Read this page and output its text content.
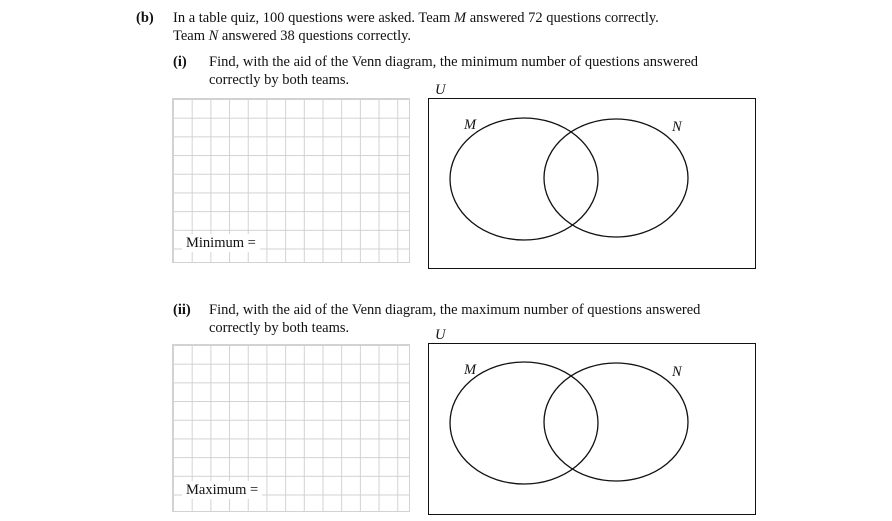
(b) In a table quiz, 100 questions were asked. Team M answered 72 questions correctly.
Team N answered 38 questions correctly.
(i) Find, with the aid of the Venn diagram, the minimum number of questions answered
correctly by both teams.
Minimum =
U
M	N
(ii) Find, with the aid of the Venn diagram, the maximum number of questions answered
correctly by both teams.
Maximum =
U
M	N
